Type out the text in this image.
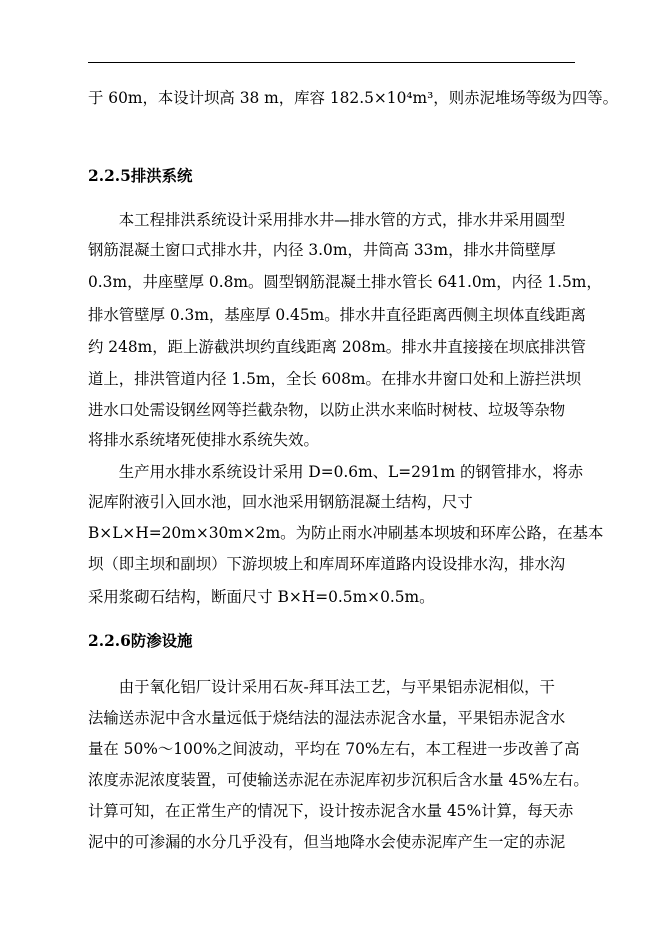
于 60m，本设计坝高 38 m，库容 182.5×10⁴m³，则赤泥堆场等级为四等。
2.2.5排洪系统
　　本工程排洪系统设计采用排水井—排水管的方式，排水井采用圆型
钢筋混凝土窗口式排水井，内径 3.0m，井筒高 33m，排水井筒壁厚
0.3m，井座壁厚 0.8m。圆型钢筋混凝土排水管长 641.0m，内径 1.5m，
排水管壁厚 0.3m，基座厚 0.45m。排水井直径距离西侧主坝体直线距离
约 248m，距上游截洪坝约直线距离 208m。排水井直接接在坝底排洪管
道上，排洪管道内径 1.5m，全长 608m。在排水井窗口处和上游拦洪坝
进水口处需设钢丝网等拦截杂物，以防止洪水来临时树枝、垃圾等杂物
将排水系统堵死使排水系统失效。
　　生产用水排水系统设计采用 D=0.6m、L=291m 的钢管排水，将赤
泥库附液引入回水池，回水池采用钢筋混凝土结构，尺寸
B×L×H=20m×30m×2m。为防止雨水冲刷基本坝坡和环库公路，在基本
坝（即主坝和副坝）下游坝坡上和库周环库道路内设设排水沟，排水沟
采用浆砌石结构，断面尺寸 B×H=0.5m×0.5m。
2.2.6防渗设施
　　由于氧化铝厂设计采用石灰-拜耳法工艺，与平果铝赤泥相似，干
法输送赤泥中含水量远低于烧结法的湿法赤泥含水量，平果铝赤泥含水
量在 50%～100%之间波动，平均在 70%左右，本工程进一步改善了高
浓度赤泥浓度装置，可使输送赤泥在赤泥库初步沉积后含水量 45%左右。
计算可知，在正常生产的情况下，设计按赤泥含水量 45%计算，每天赤
泥中的可渗漏的水分几乎没有，但当地降水会使赤泥库产生一定的赤泥
